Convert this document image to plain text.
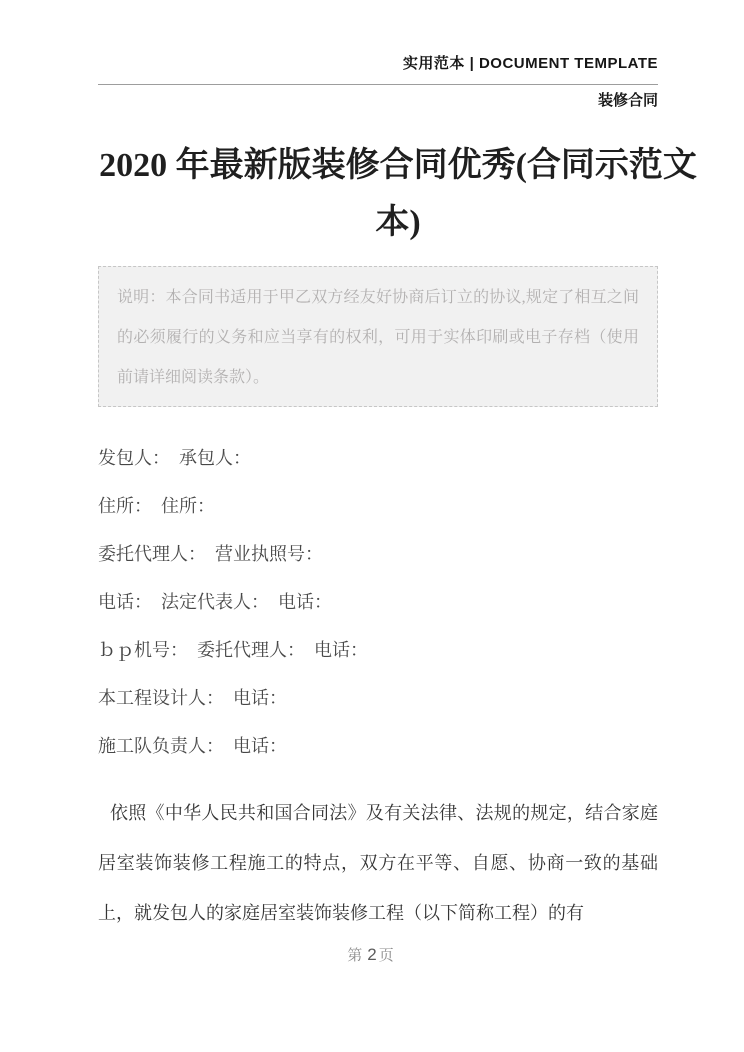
实用范本 | DOCUMENT TEMPLATE
装修合同
2020 年最新版装修合同优秀(合同示范文本)
说明：本合同书适用于甲乙双方经友好协商后订立的协议,规定了相互之间的必须履行的义务和应当享有的权利，可用于实体印刷或电子存档（使用前请详细阅读条款）。

发包人：　承包人：

住所：　住所：

委托代理人：　营业执照号：

电话：　法定代表人：　电话：

ｂｐ机号：　委托代理人：　电话：

本工程设计人：　电话：

施工队负责人：　电话：

依照《中华人民共和国合同法》及有关法律、法规的规定，结合家庭居室装饰装修工程施工的特点，双方在平等、自愿、协商一致的基础上，就发包人的家庭居室装饰装修工程（以下简称工程）的有

第 2 页
